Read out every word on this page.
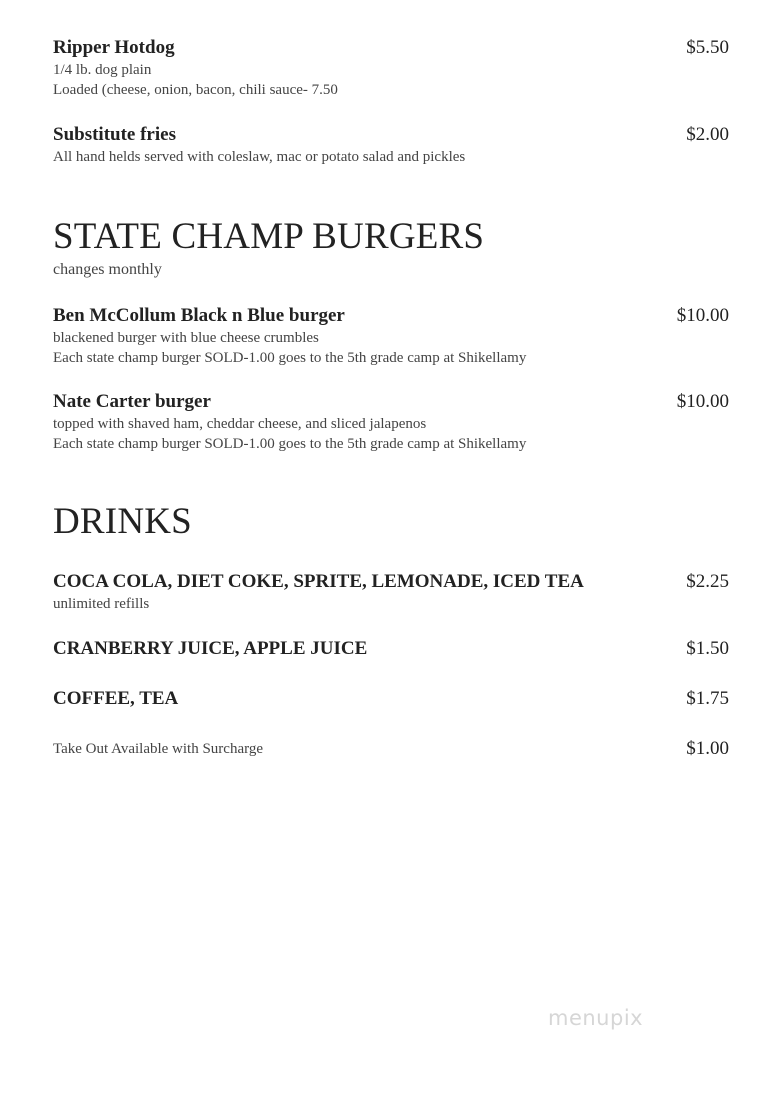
Ripper Hotdog
1/4 lb. dog plain
Loaded (cheese, onion, bacon, chili sauce- 7.50
$5.50
Substitute fries
All hand helds served with coleslaw, mac or potato salad and pickles
$2.00
STATE CHAMP BURGERS
changes monthly
Ben McCollum Black n Blue burger
blackened burger with blue cheese crumbles
Each state champ burger SOLD-1.00 goes to the 5th grade camp at Shikellamy
$10.00
Nate Carter burger
topped with shaved ham, cheddar cheese, and sliced jalapenos
Each state champ burger SOLD-1.00 goes to the 5th grade camp at Shikellamy
$10.00
DRINKS
COCA COLA, DIET COKE, SPRITE, LEMONADE, ICED TEA
unlimited refills
$2.25
CRANBERRY JUICE, APPLE JUICE	$1.50
COFFEE, TEA	$1.75
Take Out Available with Surcharge	$1.00
menupix
